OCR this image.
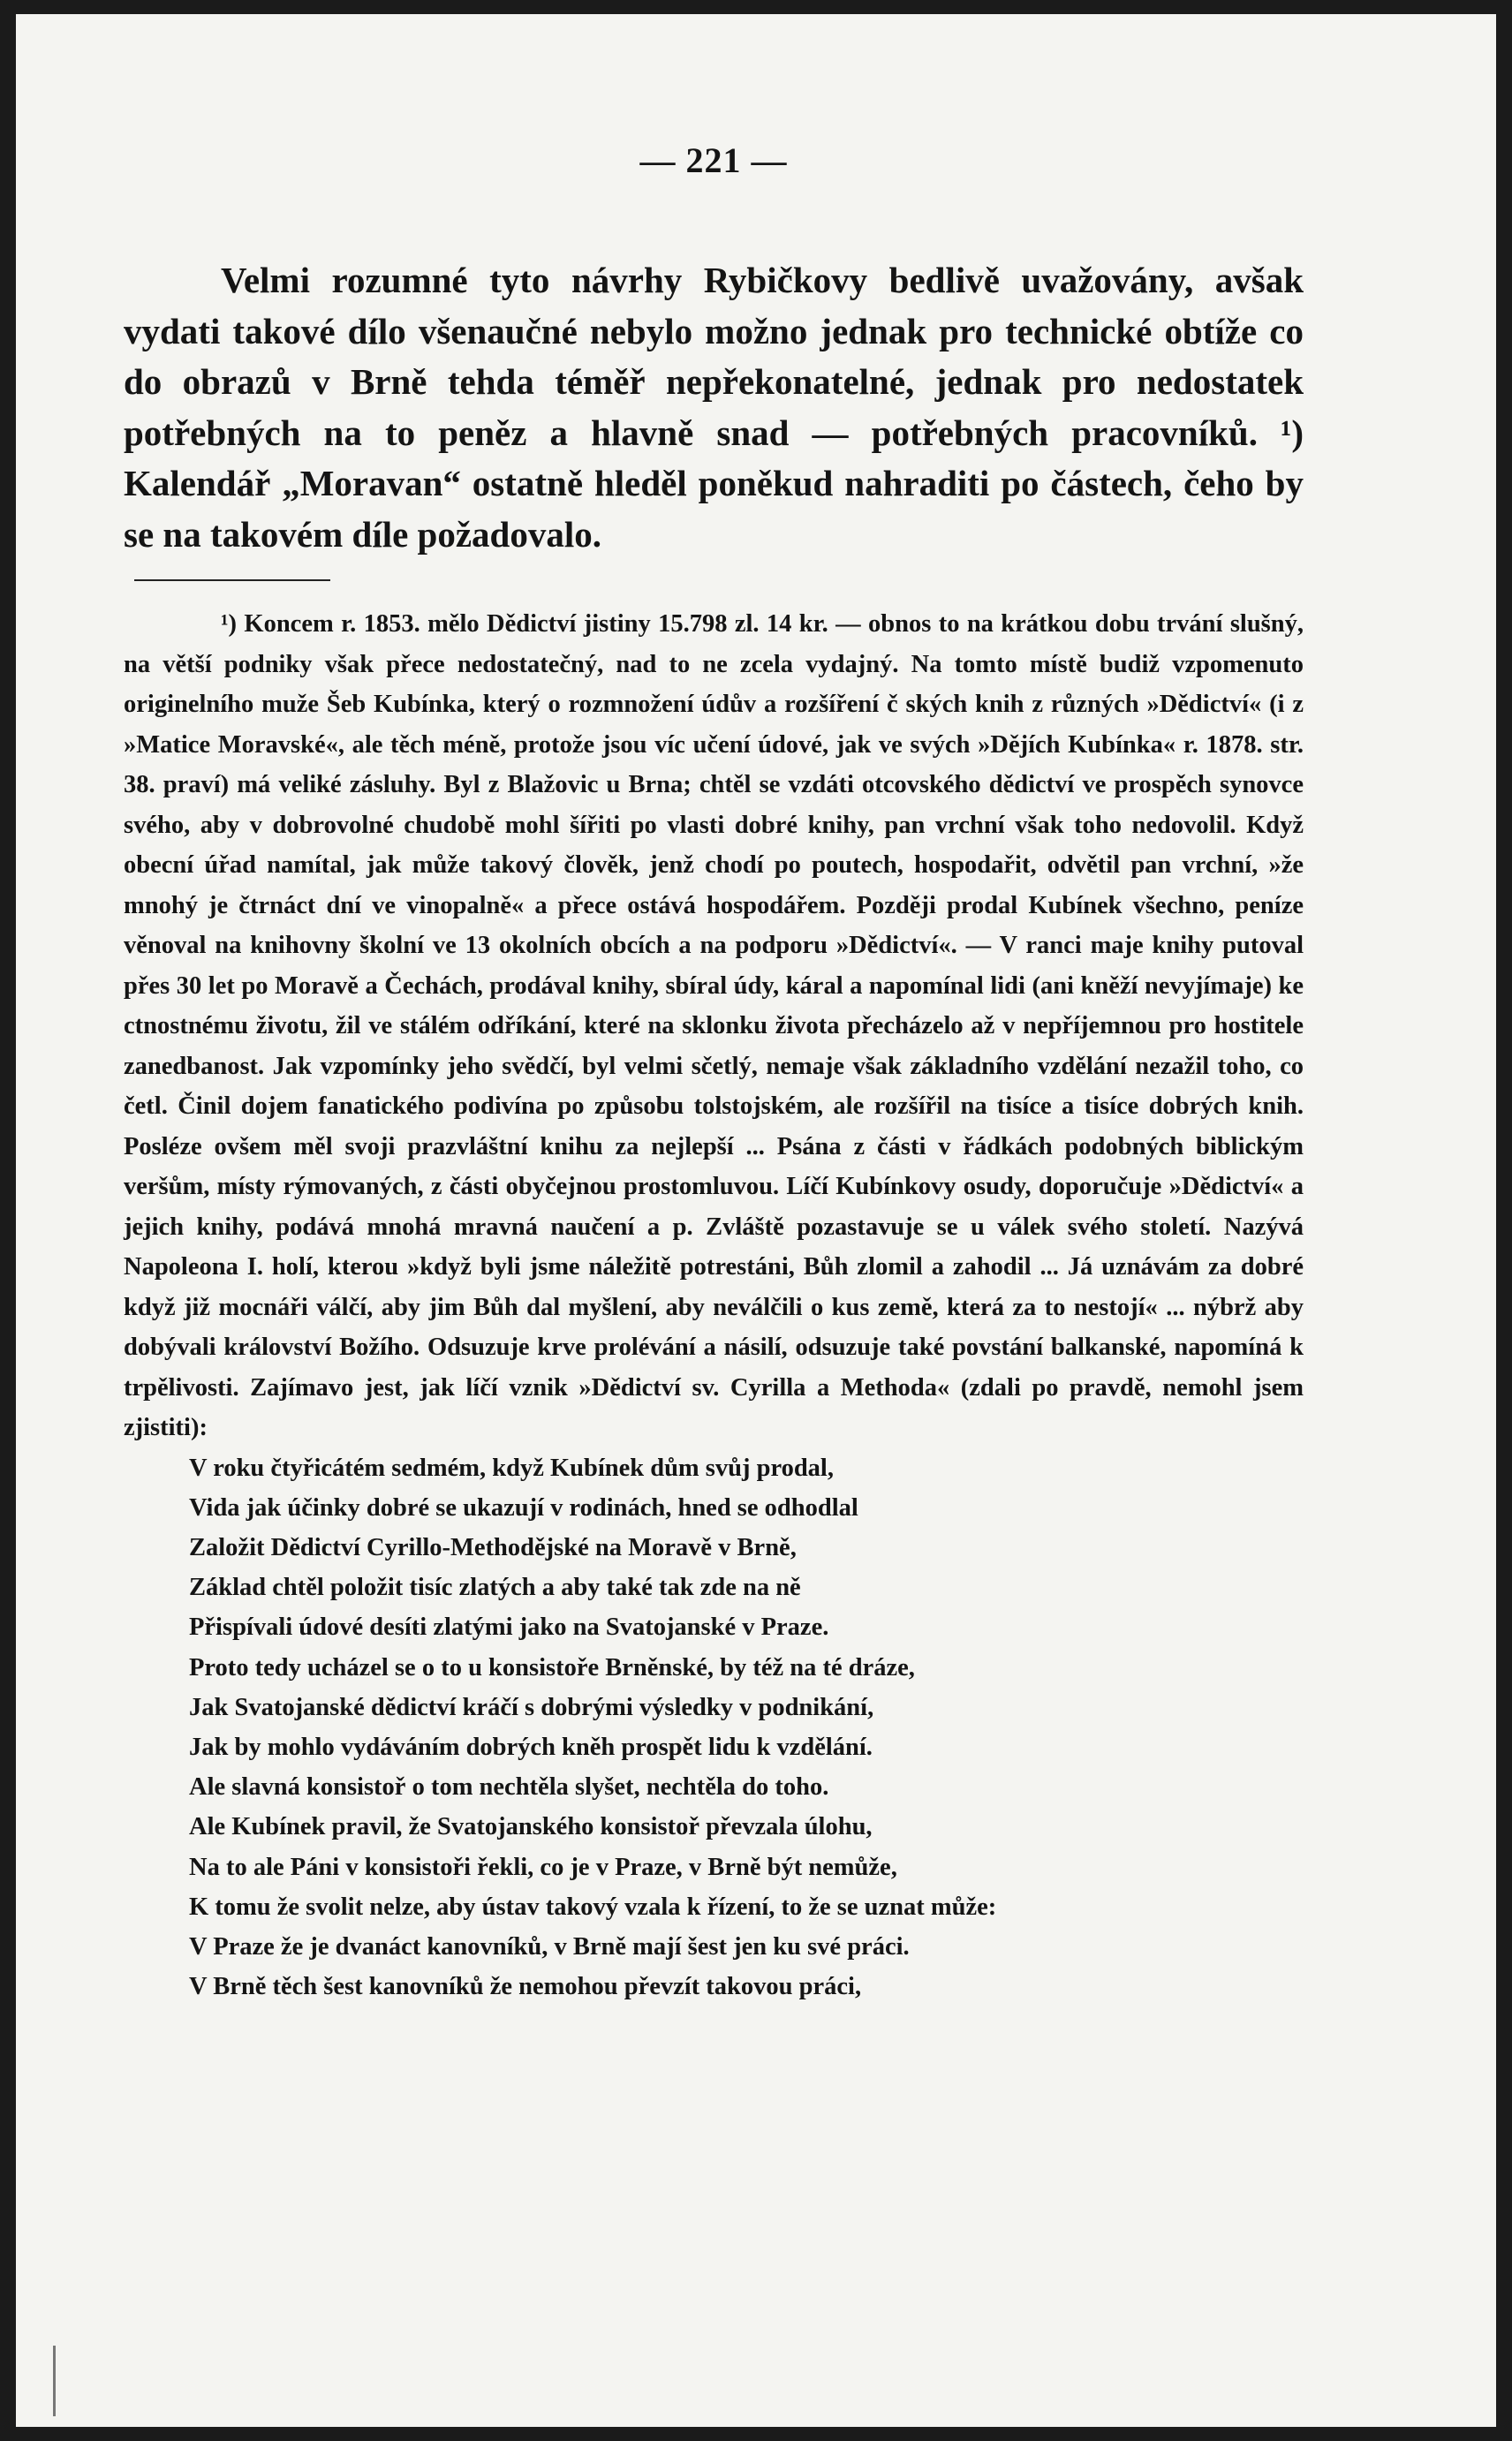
— 221 —

Velmi rozumné tyto návrhy Rybičkovy bedlivě uvažovány, avšak vydati takové dílo všenaučné nebylo možno jednak pro technické obtíže co do obrazů v Brně tehda téměř nepřekonatelné, jednak pro nedostatek potřebných na to peněz a hlavně snad — potřebných pracovníků. ¹) Kalendář „Moravan“ ostatně hleděl poněkud nahraditi po částech, čeho by se na takovém díle požadovalo.

¹) Koncem r. 1853. mělo Dědictví jistiny 15.798 zl. 14 kr. — obnos to na krátkou dobu trvání slušný, na větší podniky však přece nedostatečný, nad to ne zcela vydajný. Na tomto místě budiž vzpomenuto originelního muže Šeb Kubínka, který o rozmnožení údův a rozšíření č ských knih z různých »Dědictví« (i z »Matice Moravské«, ale těch méně, protože jsou víc učení údové, jak ve svých »Dějích Kubínka« r. 1878. str. 38. praví) má veliké zásluhy. Byl z Blažovic u Brna; chtěl se vzdáti otcovského dědictví ve prospěch synovce svého, aby v dobrovolné chudobě mohl šířiti po vlasti dobré knihy, pan vrchní však toho nedovolil. Když obecní úřad namítal, jak může takový člověk, jenž chodí po poutech, hospodařit, odvětil pan vrchní, »že mnohý je čtrnáct dní ve vinopalně« a přece ostává hospodářem. Později prodal Kubínek všechno, peníze věnoval na knihovny školní ve 13 okolních obcích a na podporu »Dědictví«. — V ranci maje knihy putoval přes 30 let po Moravě a Čechách, prodával knihy, sbíral údy, káral a napomínal lidi (ani kněží nevyjímaje) ke ctnostnému životu, žil ve stálém odříkání, které na sklonku života přecházelo až v nepříjemnou pro hostitele zanedbanost. Jak vzpomínky jeho svědčí, byl velmi sčetlý, nemaje však základního vzdělání nezažil toho, co četl. Činil dojem fanatického podivína po způsobu tolstojském, ale rozšířil na tisíce a tisíce dobrých knih. Posléze ovšem měl svoji prazvláštní knihu za nejlepší ... Psána z části v řádkách podobných biblickým veršům, místy rýmovaných, z části obyčejnou prostomluvou. Líčí Kubínkovy osudy, doporučuje »Dědictví« a jejich knihy, podává mnohá mravná naučení a p. Zvláště pozastavuje se u válek svého století. Nazývá Napoleona I. holí, kterou »když byli jsme náležitě potrestáni, Bůh zlomil a zahodil ... Já uznávám za dobré když již mocnáři válčí, aby jim Bůh dal myšlení, aby neválčili o kus země, která za to nestojí« ... nýbrž aby dobývali království Božího. Odsuzuje krve prolévání a násilí, odsuzuje také povstání balkanské, napomíná k trpělivosti. Zajímavo jest, jak líčí vznik »Dědictví sv. Cyrilla a Methoda« (zdali po pravdě, nemohl jsem zjistiti):

V roku čtyřicátém sedmém, když Kubínek dům svůj prodal,
Vida jak účinky dobré se ukazují v rodinách, hned se odhodlal
Založit Dědictví Cyrillo-Methodějské na Moravě v Brně,
Základ chtěl položit tisíc zlatých a aby také tak zde na ně
Přispívali údové desíti zlatými jako na Svatojanské v Praze.
Proto tedy ucházel se o to u konsistoře Brněnské, by též na té dráze,
Jak Svatojanské dědictví kráčí s dobrými výsledky v podnikání,
Jak by mohlo vydáváním dobrých kněh prospět lidu k vzdělání.
Ale slavná konsistoř o tom nechtěla slyšet, nechtěla do toho.
Ale Kubínek pravil, že Svatojanského konsistoř převzala úlohu,
Na to ale Páni v konsistoři řekli, co je v Praze, v Brně být nemůže,
K tomu že svolit nelze, aby ústav takový vzala k řízení, to že se uznat může:
V Praze že je dvanáct kanovníků, v Brně mají šest jen ku své práci.
V Brně těch šest kanovníků že nemohou převzít takovou práci,
